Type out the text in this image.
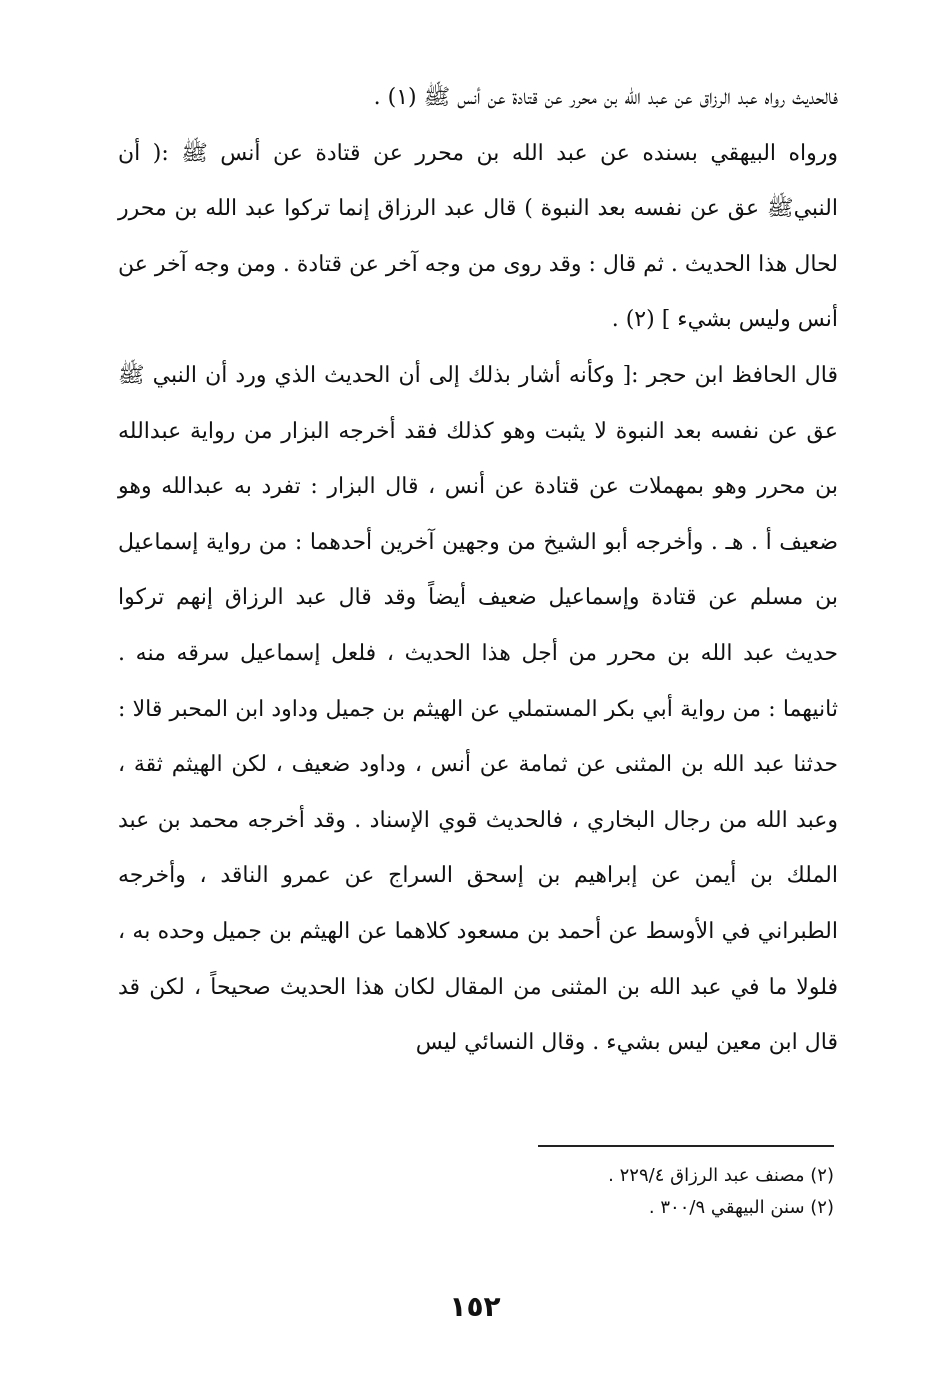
فالحديث رواه عبد الرزاق عن عبد الله بن محرر عن قتادة عن أنس ﷺ (١) .

ورواه البيهقي بسنده عن عبد الله بن محرر عن قتادة عن أنس ﷺ :( أن النبيﷺ عق عن نفسه بعد النبوة ) قال عبد الرزاق إنما تركوا عبد الله بن محرر لحال هذا الحديث . ثم قال : وقد روى من وجه آخر عن قتادة . ومن وجه آخر عن أنس وليس بشيء ] (٢) .

قال الحافظ ابن حجر :[ وكأنه أشار بذلك إلى أن الحديث الذي ورد أن النبي ﷺ عق عن نفسه بعد النبوة لا يثبت وهو كذلك فقد أخرجه البزار من رواية عبدالله بن محرر وهو بمهملات عن قتادة عن أنس ، قال البزار : تفرد به عبدالله وهو ضعيف أ . هـ . وأخرجه أبو الشيخ من وجهين آخرين أحدهما : من رواية إسماعيل بن مسلم عن قتادة وإسماعيل ضعيف أيضاً وقد قال عبد الرزاق إنهم تركوا حديث عبد الله بن محرر من أجل هذا الحديث ، فلعل إسماعيل سرقه منه . ثانيهما : من رواية أبي بكر المستملي عن الهيثم بن جميل وداود ابن المحبر قالا : حدثنا عبد الله بن المثنى عن ثمامة عن أنس ، وداود ضعيف ، لكن الهيثم ثقة ، وعبد الله من رجال البخاري ، فالحديث قوي الإسناد . وقد أخرجه محمد بن عبد الملك بن أيمن عن إبراهيم بن إسحق السراج عن عمرو الناقد ، وأخرجه الطبراني في الأوسط عن أحمد بن مسعود كلاهما عن الهيثم بن جميل وحده به ، فلولا ما في عبد الله بن المثنى من المقال لكان هذا الحديث صحيحاً ، لكن قد قال ابن معين ليس بشيء . وقال النسائي ليس

(٢) مصنف عبد الرزاق ٢٢٩/٤ .

(٢) سنن البيهقي ٣٠٠/٩ .

١٥٢
